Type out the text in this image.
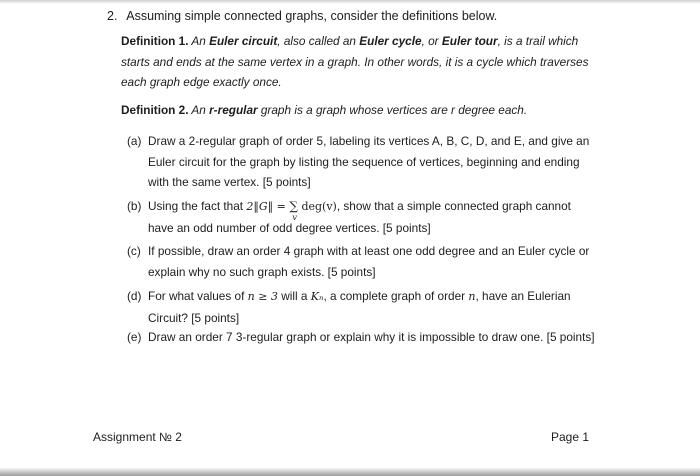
2. Assuming simple connected graphs, consider the definitions below.
Definition 1. An Euler circuit, also called an Euler cycle, or Euler tour, is a trail which starts and ends at the same vertex in a graph. In other words, it is a cycle which traverses each graph edge exactly once.
Definition 2. An r-regular graph is a graph whose vertices are r degree each.
(a) Draw a 2-regular graph of order 5, labeling its vertices A, B, C, D, and E, and give an Euler circuit for the graph by listing the sequence of vertices, beginning and ending with the same vertex. [5 points]
(b) Using the fact that 2‖G‖ = ∑
v
deg(v), show that a simple connected graph cannot have an odd number of odd degree vertices. [5 points]
(c) If possible, draw an order 4 graph with at least one odd degree and an Euler cycle or explain why no such graph exists. [5 points]
(d) For what values of n ≥ 3 will a Kₙ, a complete graph of order n, have an Eulerian Circuit? [5 points]
(e) Draw an order 7 3-regular graph or explain why it is impossible to draw one. [5 points]
Assignment № 2	Page 1
